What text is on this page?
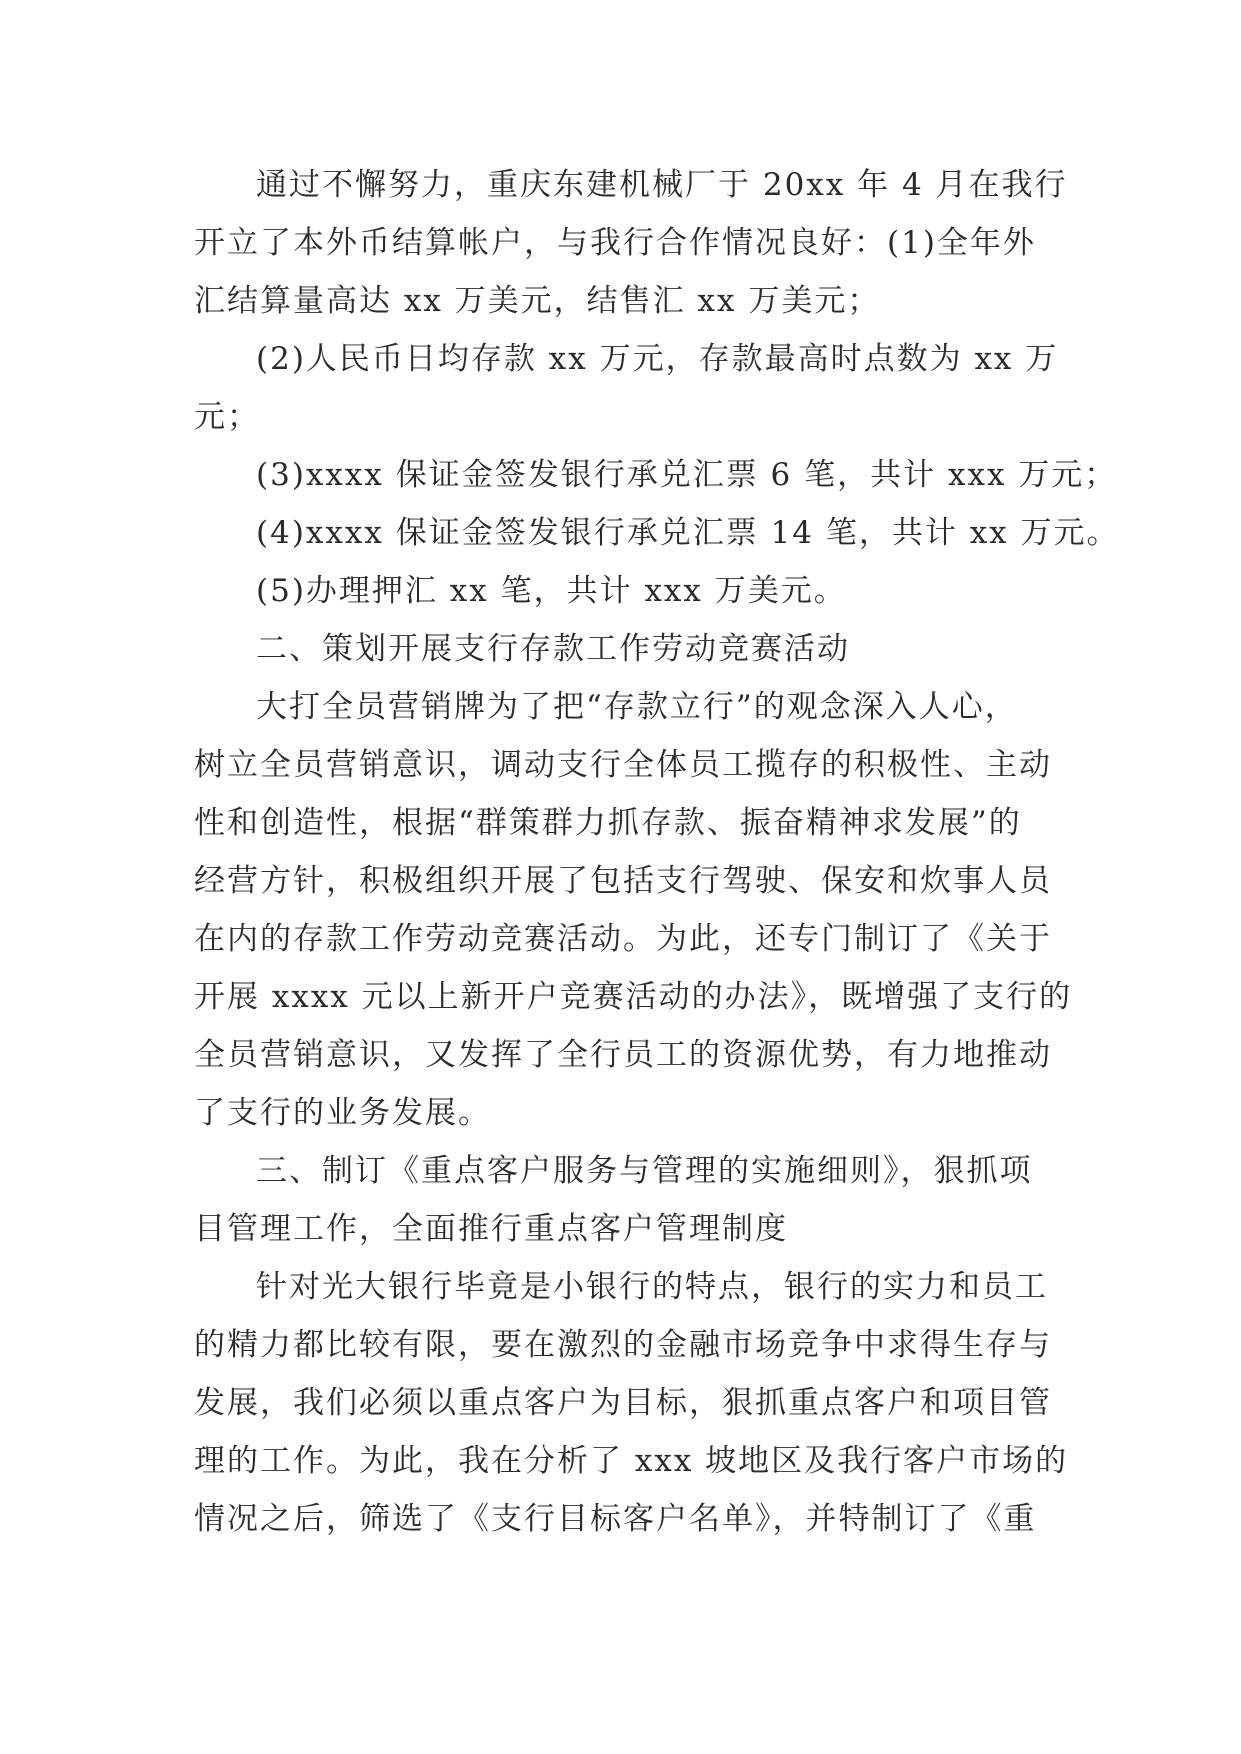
通过不懈努力，重庆东建机械厂于 20xx 年 4 月在我行
开立了本外币结算帐户，与我行合作情况良好：(1)全年外
汇结算量高达 xx 万美元，结售汇 xx 万美元；

(2)人民币日均存款 xx 万元，存款最高时点数为 xx 万
元；

(3)xxxx 保证金签发银行承兑汇票 6 笔，共计 xxx 万元；

(4)xxxx 保证金签发银行承兑汇票 14 笔，共计 xx 万元。

(5)办理押汇 xx 笔，共计 xxx 万美元。

二、策划开展支行存款工作劳动竞赛活动

大打全员营销牌为了把“存款立行”的观念深入人心，
树立全员营销意识，调动支行全体员工揽存的积极性、主动
性和创造性，根据“群策群力抓存款、振奋精神求发展”的
经营方针，积极组织开展了包括支行驾驶、保安和炊事人员
在内的存款工作劳动竞赛活动。为此，还专门制订了《关于
开展 xxxx 元以上新开户竞赛活动的办法》，既增强了支行的
全员营销意识，又发挥了全行员工的资源优势，有力地推动
了支行的业务发展。

三、制订《重点客户服务与管理的实施细则》，狠抓项
目管理工作，全面推行重点客户管理制度

针对光大银行毕竟是小银行的特点，银行的实力和员工
的精力都比较有限，要在激烈的金融市场竞争中求得生存与
发展，我们必须以重点客户为目标，狠抓重点客户和项目管
理的工作。为此，我在分析了 xxx 坡地区及我行客户市场的
情况之后，筛选了《支行目标客户名单》，并特制订了《重
